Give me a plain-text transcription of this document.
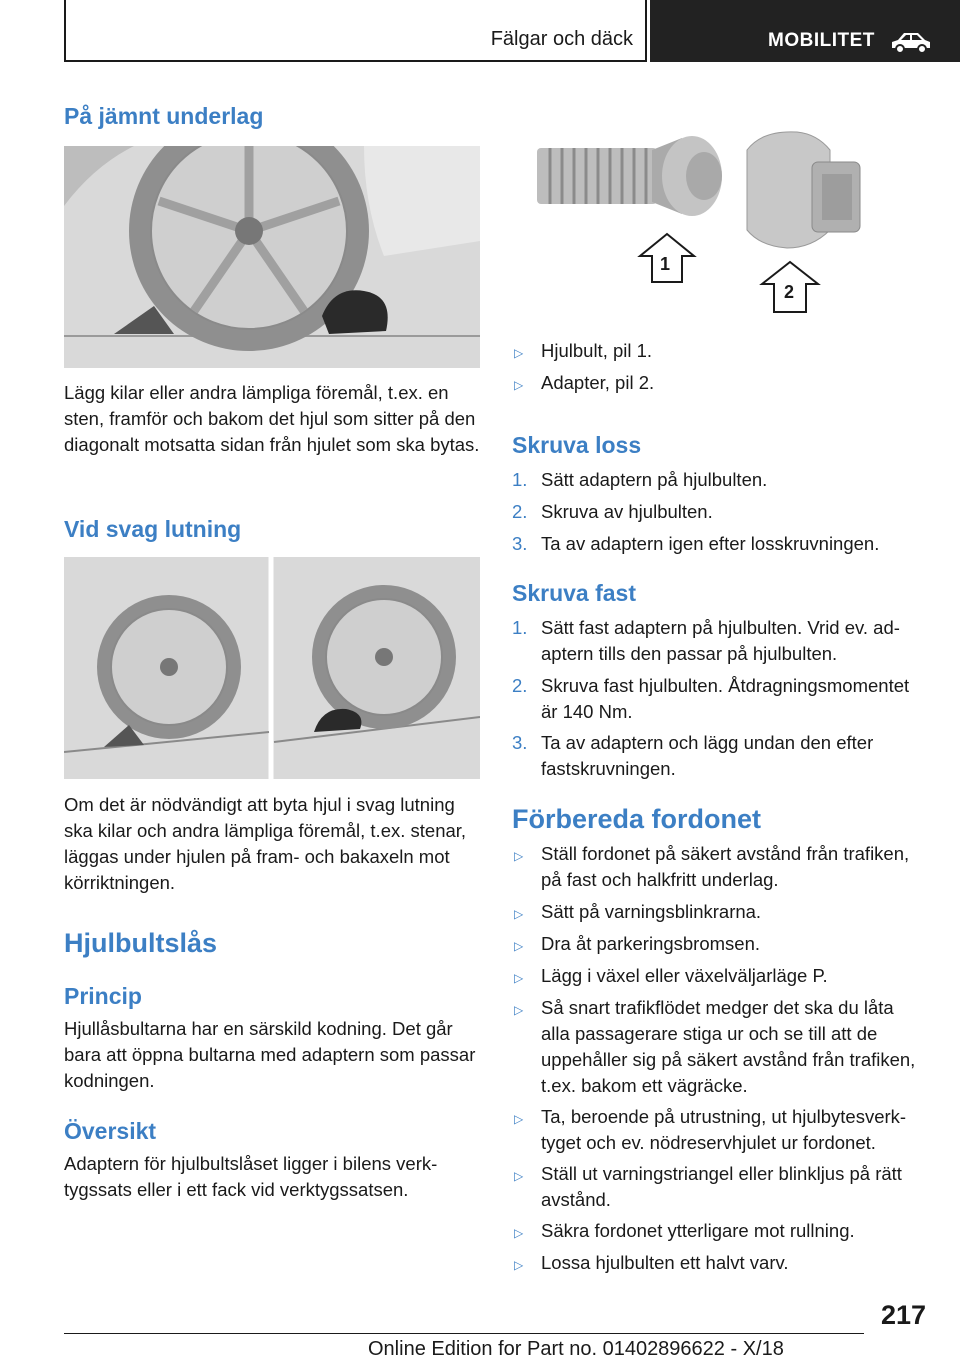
Fälgar och däck	MOBILITET
På jämnt underlag

Lägg kilar eller andra lämpliga föremål, t.ex. en sten, framför och bakom det hjul som sitter på den diagonalt motsatta sidan från hjulet som ska bytas.

Vid svag lutning

Om det är nödvändigt att byta hjul i svag lutning ska kilar och andra lämpliga föremål, t.ex. stenar, läggas under hjulen på fram- och bakaxeln mot körriktningen.

Hjulbultslås
Princip

Hjullåsbultarna har en särskild kodning. Det går bara att öppna bultarna med adaptern som passar kodningen.

Översikt

Adaptern för hjulbultslåset ligger i bilens verktygssats eller i ett fack vid verktygssatsen.

1
2
▷ Hjulbult, pil 1.
▷ Adapter, pil 2.
Skruva loss
1. Sätt adaptern på hjulbulten.
2. Skruva av hjulbulten.
3. Ta av adaptern igen efter losskruvningen.
Skruva fast
1. Sätt fast adaptern på hjulbulten. Vrid ev. adaptern tills den passar på hjulbulten.
2. Skruva fast hjulbulten. Åtdragningsmomentet är 140 Nm.
3. Ta av adaptern och lägg undan den efter fastskruvningen.
Förbereda fordonet
▷ Ställ fordonet på säkert avstånd från trafiken, på fast och halkfritt underlag.
▷ Sätt på varningsblinkrarna.
▷ Dra åt parkeringsbromsen.
▷ Lägg i växel eller växelväljarläge P.
▷ Så snart trafikflödet medger det ska du låta alla passagerare stiga ur och se till att de uppehåller sig på säkert avstånd från trafiken, t.ex. bakom ett vägräcke.
▷ Ta, beroende på utrustning, ut hjulbytesverktyget och ev. nödreservhjulet ur fordonet.
▷ Ställ ut varningstriangel eller blinkljus på rätt avstånd.
▷ Säkra fordonet ytterligare mot rullning.
▷ Lossa hjulbulten ett halvt varv.
217
Online Edition for Part no. 01402896622 - X/18
